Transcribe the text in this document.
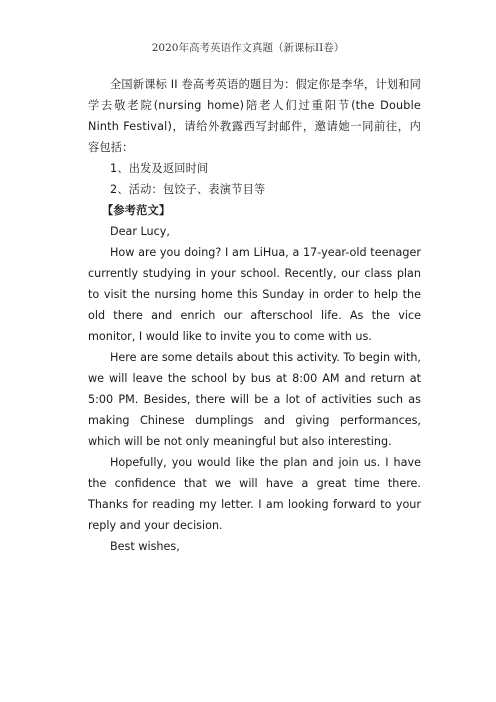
2020年高考英语作文真题（新课标II卷）

全国新课标 II 卷高考英语的题目为：假定你是李华，计划和同学去敬老院(nursing home)陪老人们过重阳节(the Double Ninth Festival)，请给外教露西写封邮件，邀请她一同前往，内容包括：

1、出发及返回时间

2、活动：包饺子、表演节目等

【参考范文】

Dear Lucy,

How are you doing? I am LiHua, a 17-year-old teenager currently studying in your school. Recently, our class plan to visit the nursing home this Sunday in order to help the old there and enrich our afterschool life. As the vice monitor, I would like to invite you to come with us.

Here are some details about this activity. To begin with, we will leave the school by bus at 8:00 AM and return at 5:00 PM. Besides, there will be a lot of activities such as making Chinese dumplings and giving performances, which will be not only meaningful but also interesting.

Hopefully, you would like the plan and join us. I have the confidence that we will have a great time there. Thanks for reading my letter. I am looking forward to your reply and your decision.

Best wishes,
